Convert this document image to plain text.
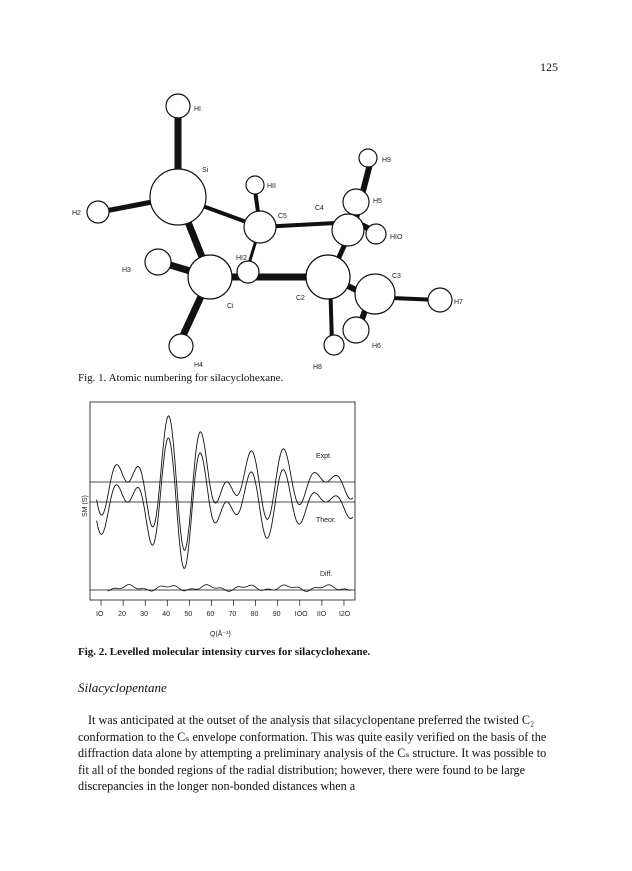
125
HI
H2
Si
HII
C5
C4
H9
H5
HIO
HI2
H3
Ci
C2
C3
H7
H6
H4	H8
Fig. 1. Atomic numbering for silacyclohexane.
Expt.
Theor.
Diff.
SM (S)
IO 20 30 40 50 60 70 80 90 IOO IIO I2O
Q(Å⁻¹)
Fig. 2. Levelled molecular intensity curves for silacyclohexane.
Silacyclopentane

It was anticipated at the outset of the analysis that silacyclopentane preferred the twisted C₂ conformation to the Cₛ envelope conformation. This was quite easily verified on the basis of the diffraction data alone by attempting a preliminary analysis of the Cₛ structure. It was possible to fit all of the bonded regions of the radial distribution; however, there were found to be large discrepancies in the longer non-bonded distances when a
